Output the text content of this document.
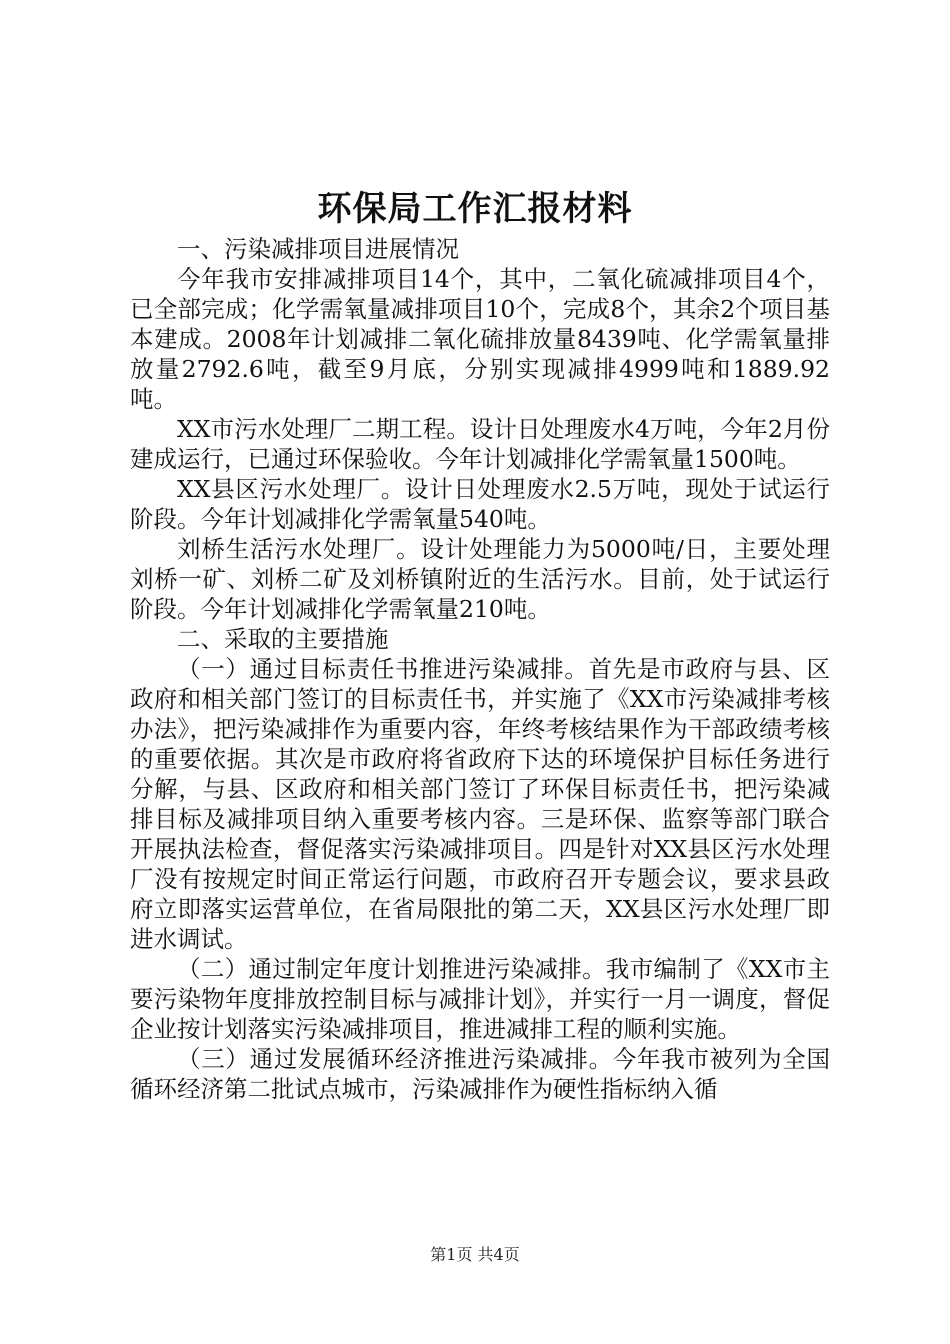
环保局工作汇报材料

一、污染减排项目进展情况

今年我市安排减排项目14个，其中，二氧化硫减排项目4个，已全部完成；化学需氧量减排项目10个，完成8个，其余2个项目基本建成。2008年计划减排二氧化硫排放量8439吨、化学需氧量排放量2792.6吨，截至9月底，分别实现减排4999吨和1889.92吨。

XX市污水处理厂二期工程。设计日处理废水4万吨，今年2月份建成运行，已通过环保验收。今年计划减排化学需氧量1500吨。

XX县区污水处理厂。设计日处理废水2.5万吨，现处于试运行阶段。今年计划减排化学需氧量540吨。

刘桥生活污水处理厂。设计处理能力为5000吨/日，主要处理刘桥一矿、刘桥二矿及刘桥镇附近的生活污水。目前，处于试运行阶段。今年计划减排化学需氧量210吨。

二、采取的主要措施

（一）通过目标责任书推进污染减排。首先是市政府与县、区政府和相关部门签订的目标责任书，并实施了《XX市污染减排考核办法》，把污染减排作为重要内容，年终考核结果作为干部政绩考核的重要依据。其次是市政府将省政府下达的环境保护目标任务进行分解，与县、区政府和相关部门签订了环保目标责任书，把污染减排目标及减排项目纳入重要考核内容。三是环保、监察等部门联合开展执法检查，督促落实污染减排项目。四是针对XX县区污水处理厂没有按规定时间正常运行问题，市政府召开专题会议，要求县政府立即落实运营单位，在省局限批的第二天，XX县区污水处理厂即进水调试。

（二）通过制定年度计划推进污染减排。我市编制了《XX市主要污染物年度排放控制目标与减排计划》，并实行一月一调度，督促企业按计划落实污染减排项目，推进减排工程的顺利实施。

（三）通过发展循环经济推进污染减排。今年我市被列为全国循环经济第二批试点城市，污染减排作为硬性指标纳入循

第1页 共4页
